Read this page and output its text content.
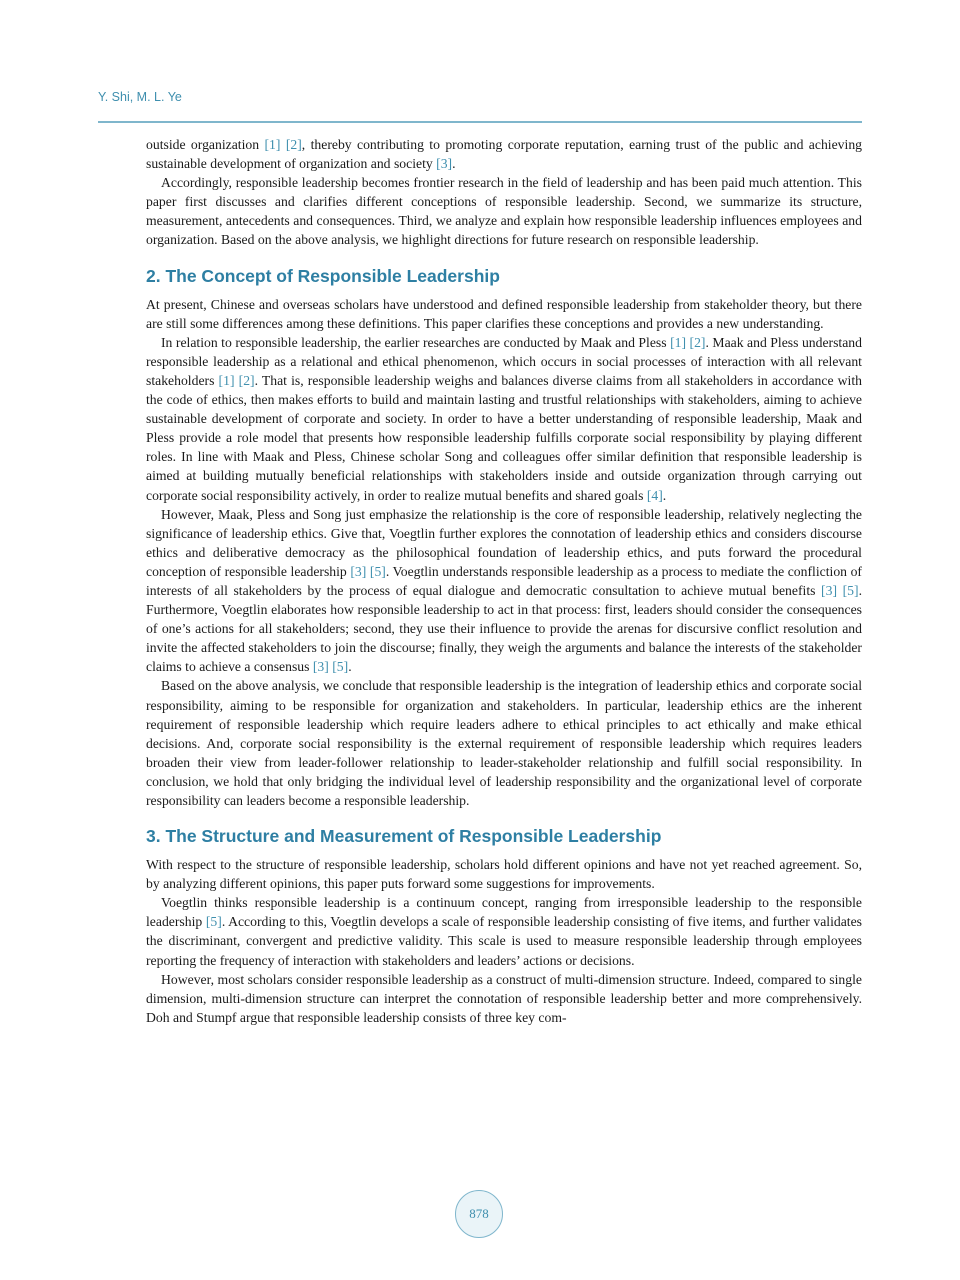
Y. Shi, M. L. Ye

outside organization [1] [2], thereby contributing to promoting corporate reputation, earning trust of the public and achieving sustainable development of organization and society [3].

Accordingly, responsible leadership becomes frontier research in the field of leadership and has been paid much attention. This paper first discusses and clarifies different conceptions of responsible leadership. Second, we summarize its structure, measurement, antecedents and consequences. Third, we analyze and explain how responsible leadership influences employees and organization. Based on the above analysis, we highlight directions for future research on responsible leadership.

2. The Concept of Responsible Leadership

At present, Chinese and overseas scholars have understood and defined responsible leadership from stakeholder theory, but there are still some differences among these definitions. This paper clarifies these conceptions and provides a new understanding.

In relation to responsible leadership, the earlier researches are conducted by Maak and Pless [1] [2]. Maak and Pless understand responsible leadership as a relational and ethical phenomenon, which occurs in social processes of interaction with all relevant stakeholders [1] [2]. That is, responsible leadership weighs and balances diverse claims from all stakeholders in accordance with the code of ethics, then makes efforts to build and maintain lasting and trustful relationships with stakeholders, aiming to achieve sustainable development of corporate and society. In order to have a better understanding of responsible leadership, Maak and Pless provide a role model that presents how responsible leadership fulfills corporate social responsibility by playing different roles. In line with Maak and Pless, Chinese scholar Song and colleagues offer similar definition that responsible leadership is aimed at building mutually beneficial relationships with stakeholders inside and outside organization through carrying out corporate social responsibility actively, in order to realize mutual benefits and shared goals [4].

However, Maak, Pless and Song just emphasize the relationship is the core of responsible leadership, relatively neglecting the significance of leadership ethics. Give that, Voegtlin further explores the connotation of leadership ethics and considers discourse ethics and deliberative democracy as the philosophical foundation of leadership ethics, and puts forward the procedural conception of responsible leadership [3] [5]. Voegtlin understands responsible leadership as a process to mediate the confliction of interests of all stakeholders by the process of equal dialogue and democratic consultation to achieve mutual benefits [3] [5]. Furthermore, Voegtlin elaborates how responsible leadership to act in that process: first, leaders should consider the consequences of one’s actions for all stakeholders; second, they use their influence to provide the arenas for discursive conflict resolution and invite the affected stakeholders to join the discourse; finally, they weigh the arguments and balance the interests of the stakeholder claims to achieve a consensus [3] [5].

Based on the above analysis, we conclude that responsible leadership is the integration of leadership ethics and corporate social responsibility, aiming to be responsible for organization and stakeholders. In particular, leadership ethics are the inherent requirement of responsible leadership which require leaders adhere to ethical principles to act ethically and make ethical decisions. And, corporate social responsibility is the external requirement of responsible leadership which requires leaders broaden their view from leader-follower relationship to leader-stakeholder relationship and fulfill social responsibility. In conclusion, we hold that only bridging the individual level of leadership responsibility and the organizational level of corporate responsibility can leaders become a responsible leadership.

3. The Structure and Measurement of Responsible Leadership

With respect to the structure of responsible leadership, scholars hold different opinions and have not yet reached agreement. So, by analyzing different opinions, this paper puts forward some suggestions for improvements.

Voegtlin thinks responsible leadership is a continuum concept, ranging from irresponsible leadership to the responsible leadership [5]. According to this, Voegtlin develops a scale of responsible leadership consisting of five items, and further validates the discriminant, convergent and predictive validity. This scale is used to measure responsible leadership through employees reporting the frequency of interaction with stakeholders and leaders’ actions or decisions.

However, most scholars consider responsible leadership as a construct of multi-dimension structure. Indeed, compared to single dimension, multi-dimension structure can interpret the connotation of responsible leadership better and more comprehensively. Doh and Stumpf argue that responsible leadership consists of three key com-

878
